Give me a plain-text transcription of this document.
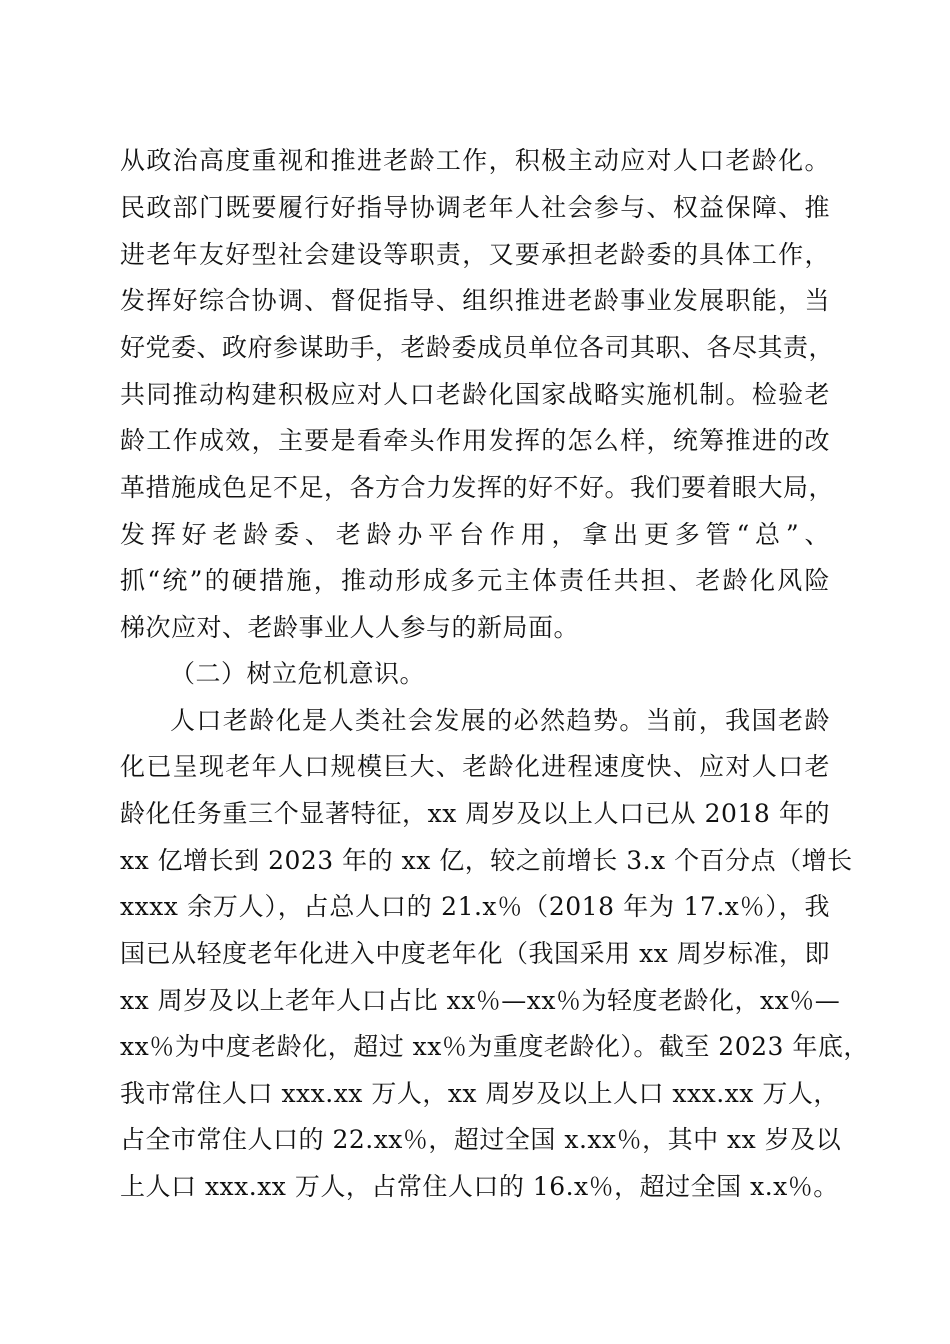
从政治高度重视和推进老龄工作，积极主动应对人口老龄化。
民政部门既要履行好指导协调老年人社会参与、权益保障、推
进老年友好型社会建设等职责，又要承担老龄委的具体工作，
发挥好综合协调、督促指导、组织推进老龄事业发展职能，当
好党委、政府参谋助手，老龄委成员单位各司其职、各尽其责，
共同推动构建积极应对人口老龄化国家战略实施机制。检验老
龄工作成效，主要是看牵头作用发挥的怎么样，统筹推进的改
革措施成色足不足，各方合力发挥的好不好。我们要着眼大局，
发挥好老龄委、老龄办平台作用，拿出更多管“总”、
抓“统”的硬措施，推动形成多元主体责任共担、老龄化风险
梯次应对、老龄事业人人参与的新局面。
（二）树立危机意识。
人口老龄化是人类社会发展的必然趋势。当前，我国老龄
化已呈现老年人口规模巨大、老龄化进程速度快、应对人口老
龄化任务重三个显著特征，xx 周岁及以上人口已从 2018 年的
xx 亿增长到 2023 年的 xx 亿，较之前增长 3.x 个百分点（增长
xxxx 余万人），占总人口的 21.x％（2018 年为 17.x％），我
国已从轻度老年化进入中度老年化（我国采用 xx 周岁标准，即
xx 周岁及以上老年人口占比 xx％—xx％为轻度老龄化，xx％—
xx％为中度老龄化，超过 xx％为重度老龄化）。截至 2023 年底，
我市常住人口 xxx.xx 万人，xx 周岁及以上人口 xxx.xx 万人，
占全市常住人口的 22.xx％，超过全国 x.xx％，其中 xx 岁及以
上人口 xxx.xx 万人，占常住人口的 16.x％，超过全国 x.x％。
